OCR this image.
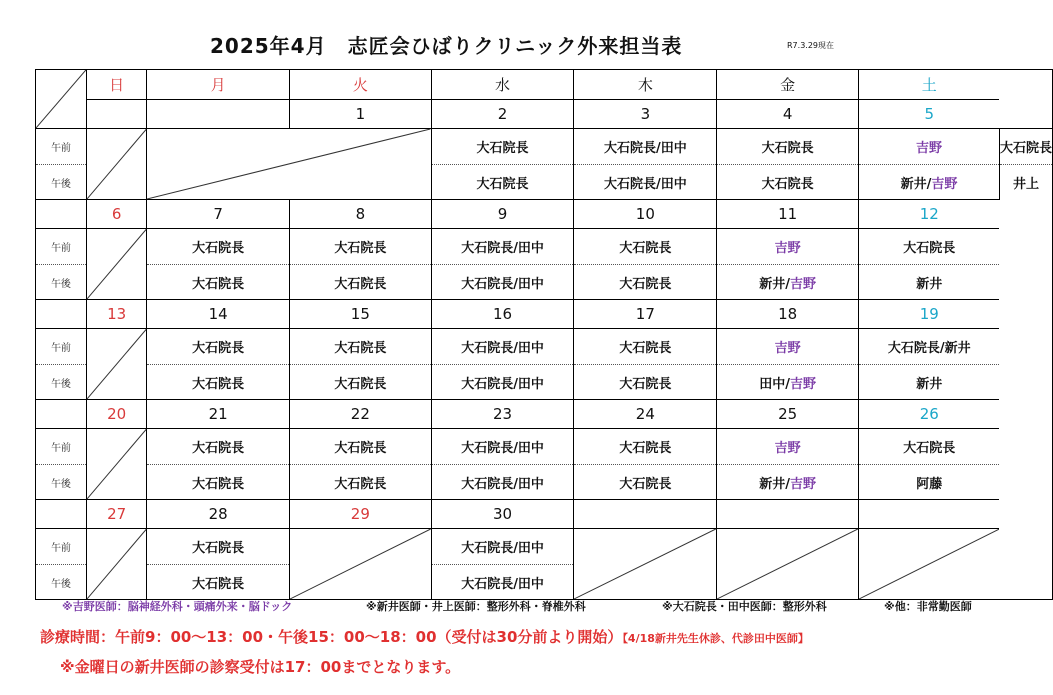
2025年4月　志匠会ひばりクリニック外来担当表	R7.3.29現在
	日	月	火	水	木	金	土	
			1	2	3	4	5	
午前				大石院長	大石院長/田中	大石院長	吉野	大石院長
午後				大石院長	大石院長/田中	大石院長	新井/吉野	井上
	6	7	8	9	10	11	12	
午前		大石院長	大石院長	大石院長/田中	大石院長	吉野	大石院長	
午後		大石院長	大石院長	大石院長/田中	大石院長	新井/吉野	新井	
	13	14	15	16	17	18	19	
午前		大石院長	大石院長	大石院長/田中	大石院長	吉野	大石院長/新井	
午後		大石院長	大石院長	大石院長/田中	大石院長	田中/吉野	新井	
	20	21	22	23	24	25	26	
午前		大石院長	大石院長	大石院長/田中	大石院長	吉野	大石院長	
午後		大石院長	大石院長	大石院長/田中	大石院長	新井/吉野	阿藤	
	27	28	29	30				
午前		大石院長		大石院長/田中	

午後		大石院長		大石院長/田中				
※吉野医師：脳神経外科・頭痛外来・脳ドック	※新井医師・井上医師：整形外科・脊椎外科	※大石院長・田中医師：整形外科	※他：非常勤医師
診療時間：午前9：00～13：00・午後15：00～18：00（受付は30分前より開始）【4/18新井先生休診、代診田中医師】
※金曜日の新井医師の診察受付は17：00までとなります。
